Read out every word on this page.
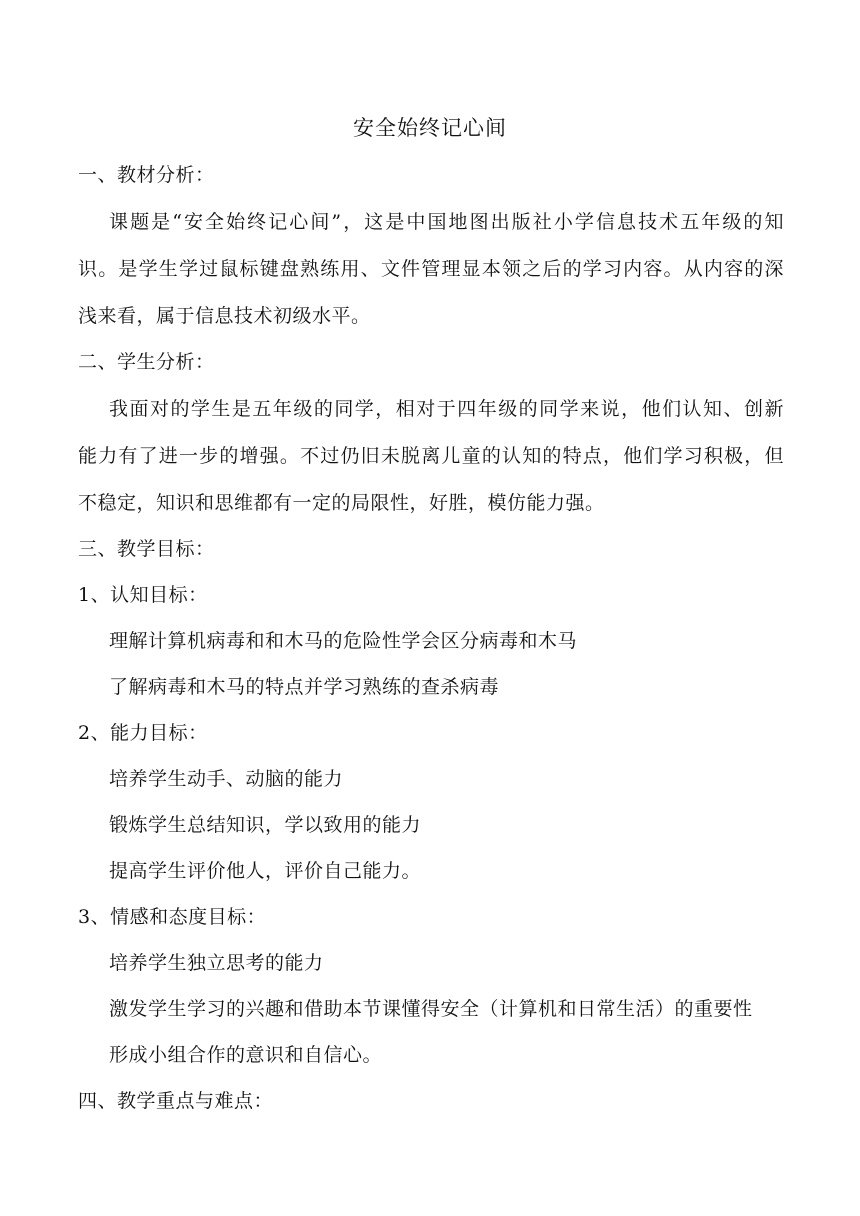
安全始终记心间
一、教材分析：
课题是“安全始终记心间”，这是中国地图出版社小学信息技术五年级的知
识。是学生学过鼠标键盘熟练用、文件管理显本领之后的学习内容。从内容的深
浅来看，属于信息技术初级水平。
二、学生分析：
我面对的学生是五年级的同学，相对于四年级的同学来说，他们认知、创新
能力有了进一步的增强。不过仍旧未脱离儿童的认知的特点，他们学习积极，但
不稳定，知识和思维都有一定的局限性，好胜，模仿能力强。
三、教学目标：
1、认知目标：
理解计算机病毒和和木马的危险性学会区分病毒和木马
了解病毒和木马的特点并学习熟练的查杀病毒
2、能力目标：
培养学生动手、动脑的能力
锻炼学生总结知识，学以致用的能力
提高学生评价他人，评价自己能力。
3、情感和态度目标：
培养学生独立思考的能力
激发学生学习的兴趣和借助本节课懂得安全（计算机和日常生活）的重要性
形成小组合作的意识和自信心。
四、教学重点与难点：
